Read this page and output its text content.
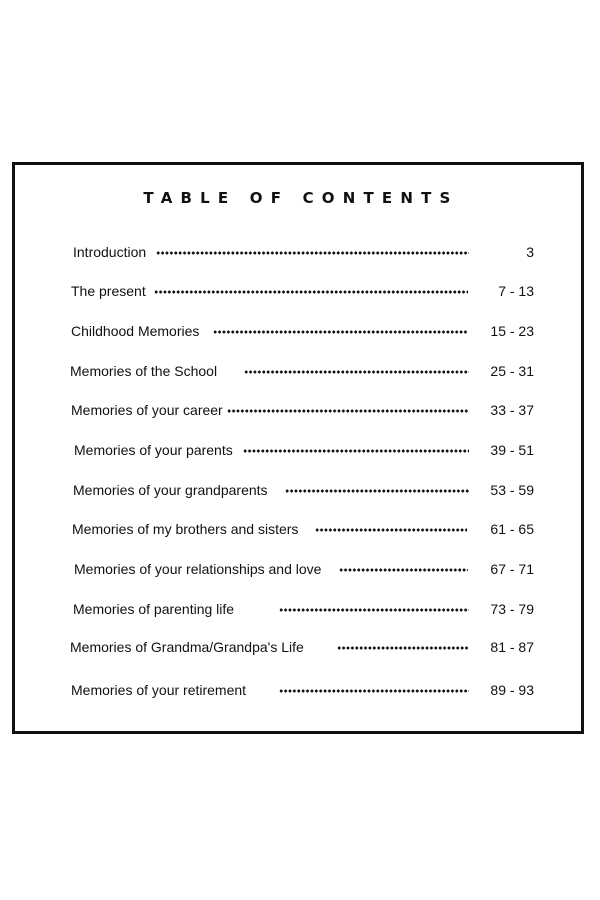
TABLE OF CONTENTS
Introduction	3
The present	7 - 13
Childhood Memories	15 - 23
Memories of the School	25 - 31
Memories of your career	33 - 37
Memories of your parents	39 - 51
Memories of your grandparents	53 - 59
Memories of my brothers and sisters	61 - 65
Memories of your relationships and love	67 - 71
Memories of parenting life	73 - 79
Memories of Grandma/Grandpa's Life	81 - 87
Memories of your retirement	89 - 93
